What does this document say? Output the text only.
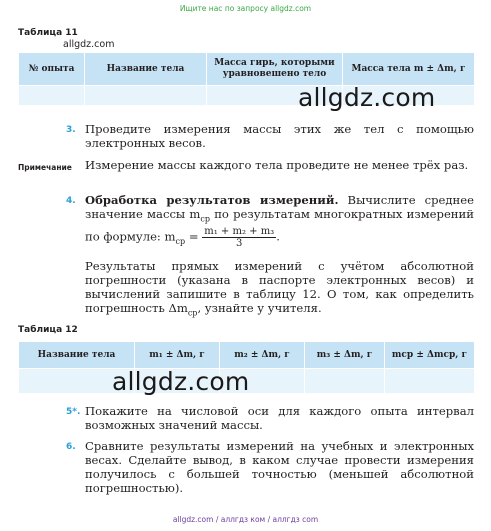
Ищите нас по запросу allgdz.com
Таблица 11
allgdz.com
№ опыта	Название тела	Масса гирь, которыми уравновешено тело	Масса тела m ± Δm, г

allgdz.com
3. Проведите измерения массы этих же тел с помощью электронных весов.
Примечание Измерение массы каждого тела проведите не менее трёх раз.
4. Обработка результатов измерений. Вычислите среднее значение массы $m_{ср}$ по результатам многократных измерений по формуле: $m_{ср} = \frac{\text{m₁ + m₂ + m₃}}{3}$ .
Результаты прямых измерений с учётом абсолютной погрешности (указана в паспорте электронных весов) и вычислений запишите в таблицу 12. О том, как определить погрешность $\Delta m_{ср}$, узнайте у учителя.
Таблица 12
Название тела	m₁ ± Δm, г	m₂ ± Δm, г	m₃ ± Δm, г	mср ± Δmср, г

allgdz.com
5*. Покажите на числовой оси для каждого опыта интервал возможных значений массы.
6. Сравните результаты измерений на учебных и электронных весах. Сделайте вывод, в каком случае провести измерения получилось с большей точностью (меньшей абсолютной погрешностью).
allgdz.com / аллгдз ком / аллгдз com
